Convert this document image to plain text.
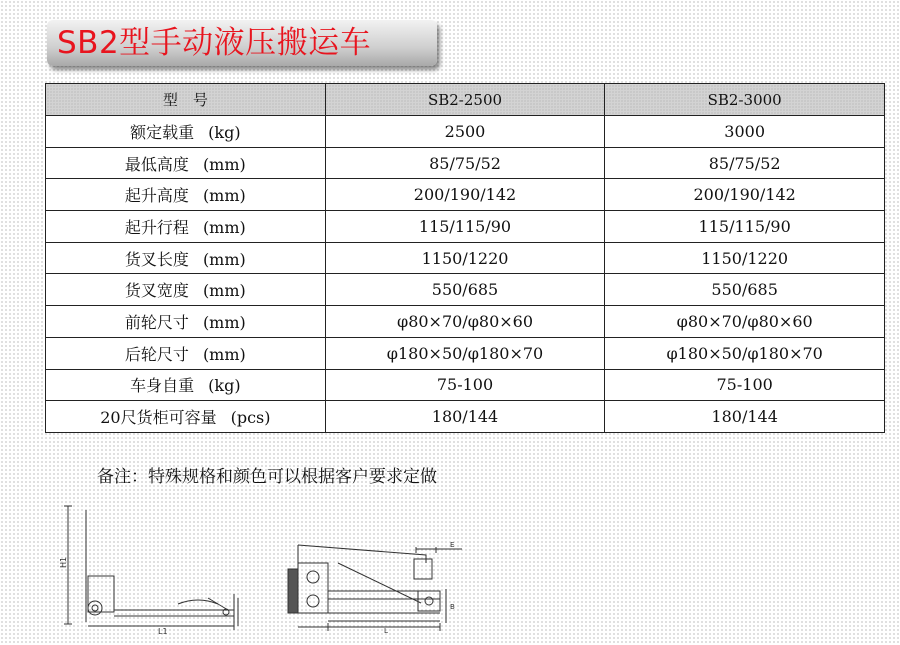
SB2型手动液压搬运车
型　号	SB2-2500	SB2-3000
额定载重 (kg)	2500	3000
最低高度 (mm)	85/75/52	85/75/52
起升高度 (mm)	200/190/142	200/190/142
起升行程 (mm)	115/115/90	115/115/90
货叉长度 (mm)	1150/1220	1150/1220
货叉宽度 (mm)	550/685	550/685
前轮尺寸 (mm)	φ80×70/φ80×60	φ80×70/φ80×60
后轮尺寸 (mm)	φ180×50/φ180×70	φ180×50/φ180×70
车身自重 (kg)	75-100	75-100
20尺货柜可容量 (pcs)	180/144	180/144
备注：特殊规格和颜色可以根据客户要求定做
H1
L1	L
B
E
